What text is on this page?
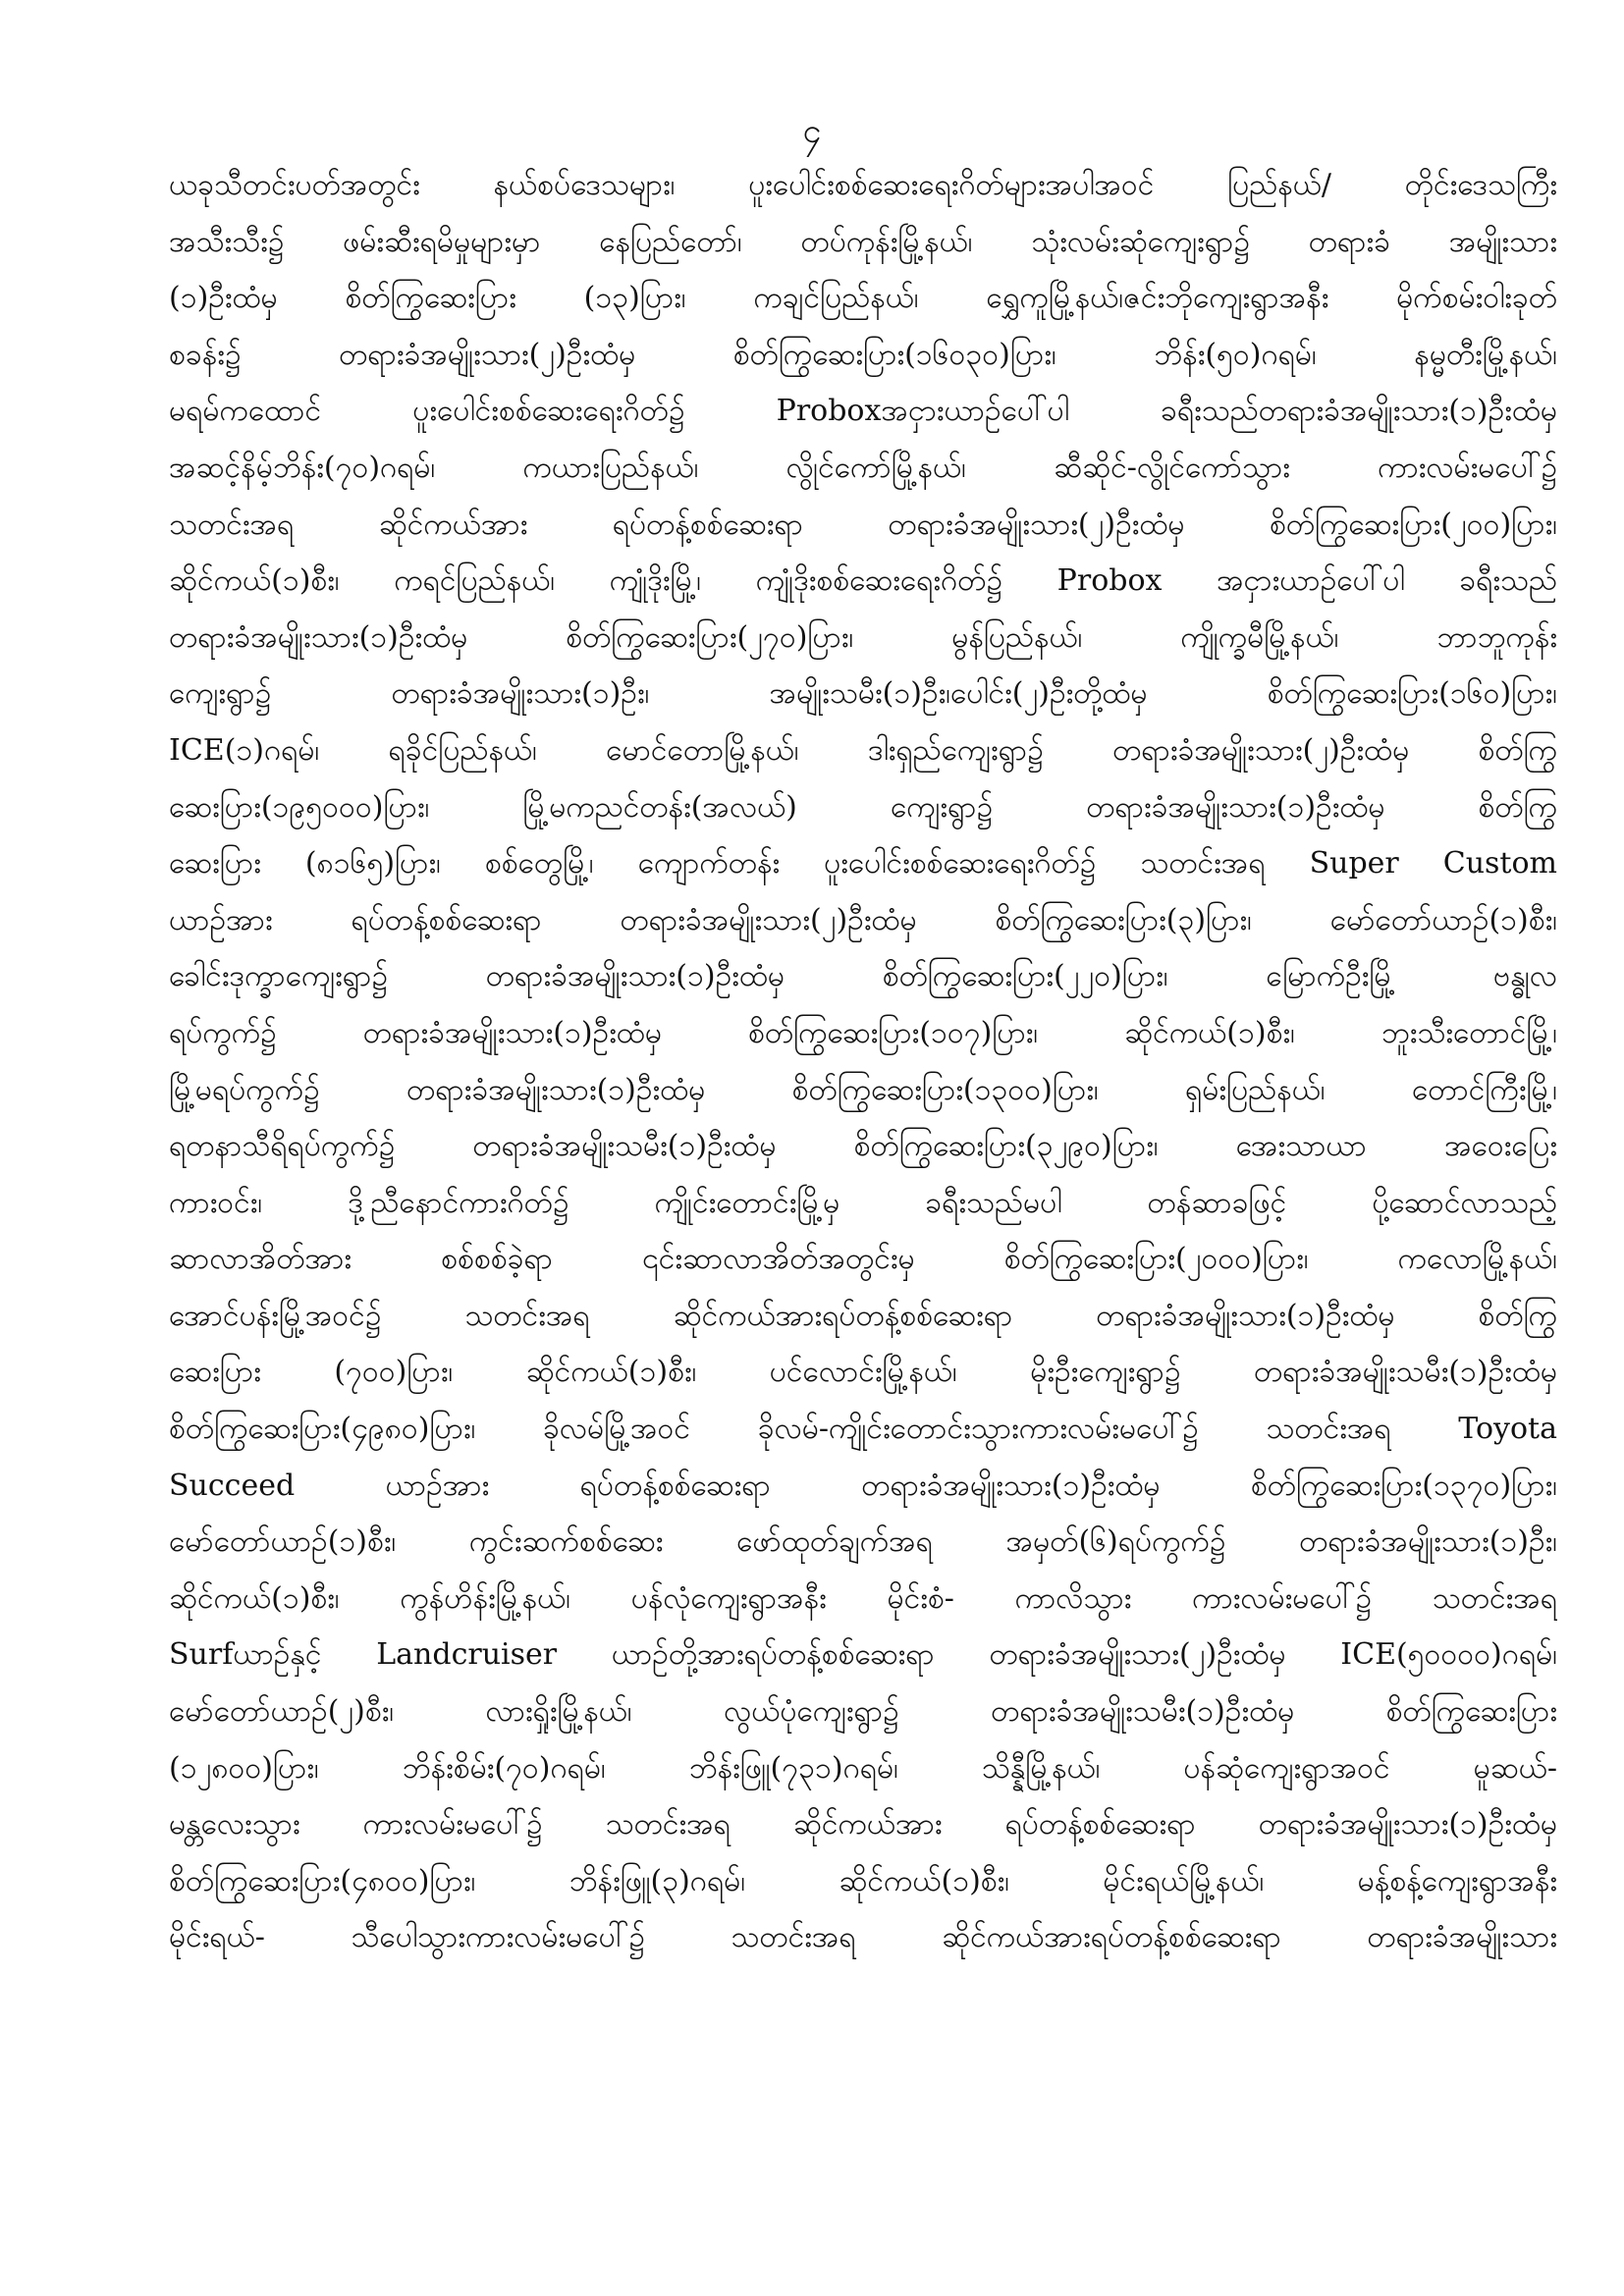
၄
ယခုသီတင်းပတ်အတွင်း နယ်စပ်ဒေသများ၊ ပူးပေါင်းစစ်ဆေးရေးဂိတ်များအပါအဝင် ပြည်နယ်/ တိုင်းဒေသကြီး
အသီးသီး၌ ဖမ်းဆီးရမိမှုများမှာ နေပြည်တော်၊ တပ်ကုန်းမြို့နယ်၊ သုံးလမ်းဆုံကျေးရွာ၌ တရားခံ အမျိုးသား
(၁)ဦးထံမှ စိတ်ကြွဆေးပြား (၁၃)ပြား၊ ကချင်ပြည်နယ်၊ ရွှေကူမြို့နယ်၊ဇင်းဘိုကျေးရွာအနီး မိုက်စမ်းဝါးခုတ်
စခန်း၌ တရားခံအမျိုးသား(၂)ဦးထံမှ စိတ်ကြွဆေးပြား(၁၆၀၃၀)ပြား၊ ဘိန်း(၅၀)ဂရမ်၊ နမ္မတီးမြို့နယ်၊
မရမ်ကထောင် ပူးပေါင်းစစ်ဆေးရေးဂိတ်၌ Proboxအငှားယာဉ်ပေါ်ပါ ခရီးသည်တရားခံအမျိုးသား(၁)ဦးထံမှ
အဆင့်နိမ့်ဘိန်း(၇၀)ဂရမ်၊ ကယားပြည်နယ်၊ လွိုင်ကော်မြို့နယ်၊ ဆီဆိုင်-လွိုင်ကော်သွား ကားလမ်းမပေါ်၌
သတင်းအရ ဆိုင်ကယ်အား ရပ်တန့်စစ်ဆေးရာ တရားခံအမျိုးသား(၂)ဦးထံမှ စိတ်ကြွဆေးပြား(၂၀၀)ပြား၊
ဆိုင်ကယ်(၁)စီး၊ ကရင်ပြည်နယ်၊ ကျုံဒိုးမြို့၊ ကျုံဒိုးစစ်ဆေးရေးဂိတ်၌ Probox အငှားယာဉ်ပေါ်ပါ ခရီးသည်
တရားခံအမျိုးသား(၁)ဦးထံမှ စိတ်ကြွဆေးပြား(၂၇၀)ပြား၊ မွန်ပြည်နယ်၊ ကျိုက္ခမီမြို့နယ်၊ ဘာဘူကုန်း
ကျေးရွာ၌ တရားခံအမျိုးသား(၁)ဦး၊ အမျိုးသမီး(၁)ဦး၊ပေါင်း(၂)ဦးတို့ထံမှ စိတ်ကြွဆေးပြား(၁၆၀)ပြား၊
ICE(၁)ဂရမ်၊ ရခိုင်ပြည်နယ်၊ မောင်တောမြို့နယ်၊ ဒါးရှည်ကျေးရွာ၌ တရားခံအမျိုးသား(၂)ဦးထံမှ စိတ်ကြွ
ဆေးပြား(၁၉၅၀၀၀)ပြား၊ မြို့မကညင်တန်း(အလယ်) ကျေးရွာ၌ တရားခံအမျိုးသား(၁)ဦးထံမှ စိတ်ကြွ
ဆေးပြား (၈၁၆၅)ပြား၊ စစ်တွေမြို့၊ ကျောက်တန်း ပူးပေါင်းစစ်ဆေးရေးဂိတ်၌ သတင်းအရ Super Custom
ယာဉ်အား ရပ်တန့်စစ်ဆေးရာ တရားခံအမျိုးသား(၂)ဦးထံမှ စိတ်ကြွဆေးပြား(၃)ပြား၊ မော်တော်ယာဉ်(၁)စီး၊
ခေါင်းဒုက္ခာကျေးရွာ၌ တရားခံအမျိုးသား(၁)ဦးထံမှ စိတ်ကြွဆေးပြား(၂၂၀)ပြား၊ မြောက်ဦးမြို့ ဗန္ဓုလ
ရပ်ကွက်၌ တရားခံအမျိုးသား(၁)ဦးထံမှ စိတ်ကြွဆေးပြား(၁၀၇)ပြား၊ ဆိုင်ကယ်(၁)စီး၊ ဘူးသီးတောင်မြို့၊
မြို့မရပ်ကွက်၌ တရားခံအမျိုးသား(၁)ဦးထံမှ စိတ်ကြွဆေးပြား(၁၃၀၀)ပြား၊ ရှမ်းပြည်နယ်၊ တောင်ကြီးမြို့၊
ရတနာသီရိရပ်ကွက်၌ တရားခံအမျိုးသမီး(၁)ဦးထံမှ စိတ်ကြွဆေးပြား(၃၂၉၀)ပြား၊ အေးသာယာ အဝေးပြေး
ကားဝင်း၊ ဒို့ညီနောင်ကားဂိတ်၌ ကျိုင်းတောင်းမြို့မှ ခရီးသည်မပါ တန်ဆာခဖြင့် ပို့ဆောင်လာသည့်
ဆာလာအိတ်အား စစ်စစ်ခဲ့ရာ ၎င်းဆာလာအိတ်အတွင်းမှ စိတ်ကြွဆေးပြား(၂၀၀၀)ပြား၊ ကလောမြို့နယ်၊
အောင်ပန်းမြို့အဝင်၌ သတင်းအရ ဆိုင်ကယ်အားရပ်တန့်စစ်ဆေးရာ တရားခံအမျိုးသား(၁)ဦးထံမှ စိတ်ကြွ
ဆေးပြား (၇၀၀)ပြား၊ ဆိုင်ကယ်(၁)စီး၊ ပင်လောင်းမြို့နယ်၊ မိုးဦးကျေးရွာ၌ တရားခံအမျိုးသမီး(၁)ဦးထံမှ
စိတ်ကြွဆေးပြား(၄၉၈၀)ပြား၊ ခိုလမ်မြို့အဝင် ခိုလမ်-ကျိုင်းတောင်းသွားကားလမ်းမပေါ်၌ သတင်းအရ Toyota
Succeed ယာဉ်အား ရပ်တန့်စစ်ဆေးရာ တရားခံအမျိုးသား(၁)ဦးထံမှ စိတ်ကြွဆေးပြား(၁၃၇၀)ပြား၊
မော်တော်ယာဉ်(၁)စီး၊ ကွင်းဆက်စစ်ဆေး ဖော်ထုတ်ချက်အရ အမှတ်(၆)ရပ်ကွက်၌ တရားခံအမျိုးသား(၁)ဦး၊
ဆိုင်ကယ်(၁)စီး၊ ကွန်ဟိန်းမြို့နယ်၊ ပန်လုံကျေးရွာအနီး မိုင်းစံ- ကာလိသွား ကားလမ်းမပေါ်၌ သတင်းအရ
Surfယာဉ်နှင့် Landcruiser ယာဉ်တို့အားရပ်တန့်စစ်ဆေးရာ တရားခံအမျိုးသား(၂)ဦးထံမှ ICE(၅၀၀၀၀)ဂရမ်၊
မော်တော်ယာဉ်(၂)စီး၊ လားရှိုးမြို့နယ်၊ လွယ်ပုံကျေးရွာ၌ တရားခံအမျိုးသမီး(၁)ဦးထံမှ စိတ်ကြွဆေးပြား
(၁၂၈၀၀)ပြား၊ ဘိန်းစိမ်း(၇၀)ဂရမ်၊ ဘိန်းဖြူ(၇၃၁)ဂရမ်၊ သိန္နီမြို့နယ်၊ ပန်ဆုံကျေးရွာအဝင် မူဆယ်-
မန္တလေးသွား ကားလမ်းမပေါ်၌ သတင်းအရ ဆိုင်ကယ်အား ရပ်တန့်စစ်ဆေးရာ တရားခံအမျိုးသား(၁)ဦးထံမှ
စိတ်ကြွဆေးပြား(၄၈၀၀)ပြား၊ ဘိန်းဖြူ(၃)ဂရမ်၊ ဆိုင်ကယ်(၁)စီး၊ မိုင်းရယ်မြို့နယ်၊ မန့်စန့်ကျေးရွာအနီး
မိုင်းရယ်- သီပေါသွားကားလမ်းမပေါ်၌ သတင်းအရ ဆိုင်ကယ်အားရပ်တန့်စစ်ဆေးရာ တရားခံအမျိုးသား
